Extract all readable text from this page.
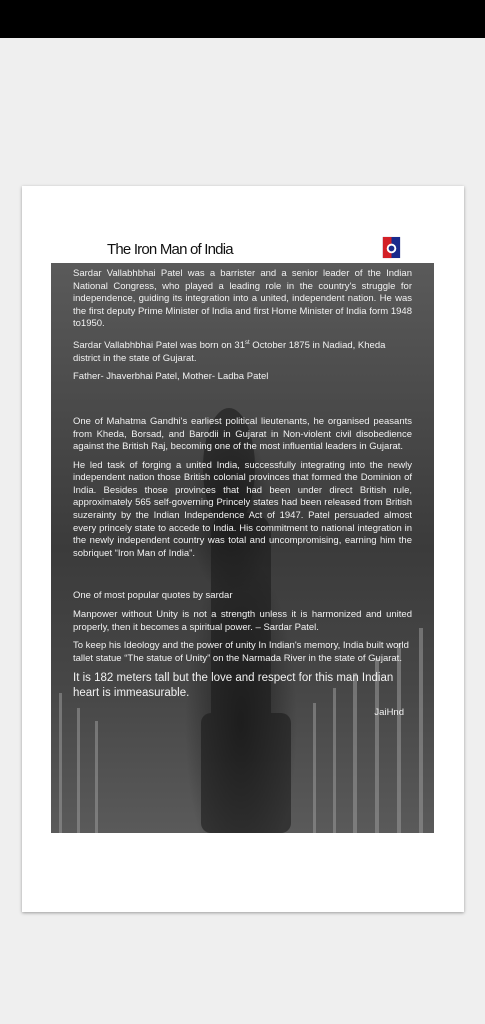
The Iron Man of India

Sardar Vallabhbhai Patel was a barrister and a senior leader of the Indian National Congress, who played a leading role in the country's struggle for independence, guiding its integration into a united, independent nation. He was the first deputy Prime Minister of India and first Home Minister of India form 1948 to1950.

Sardar Vallabhbhai Patel was born on 31st October 1875 in Nadiad, Kheda district in the state of Gujarat.

Father- Jhaverbhai Patel, Mother- Ladba Patel

One of Mahatma Gandhi's earliest political lieutenants, he organised peasants from Kheda, Borsad, and Barodii in Gujarat in Non-violent civil disobedience against the British Raj, becoming one of the most influential leaders in Gujarat.

He led task of forging a united India, successfully integrating into the newly independent nation those British colonial provinces that formed the Dominion of India. Besides those provinces that had been under direct British rule, approximately 565 self-governing Princely states had been released from British suzerainty by the Indian Independence Act of 1947. Patel persuaded almost every princely state to accede to India. His commitment to national integration in the newly independent country was total and uncompromising, earning him the sobriquet “Iron Man of India”.

One of most popular quotes by sardar

Manpower without Unity is not a strength unless it is harmonized and united properly, then it becomes a spiritual power. – Sardar Patel.

To keep his Ideology and the power of unity In Indian's memory, India built world tallet statue “The statue of Unity” on the Narmada River in the state of Gujarat.

It is 182 meters tall but the love and respect for this man Indian heart is immeasurable.

JaiHnd
